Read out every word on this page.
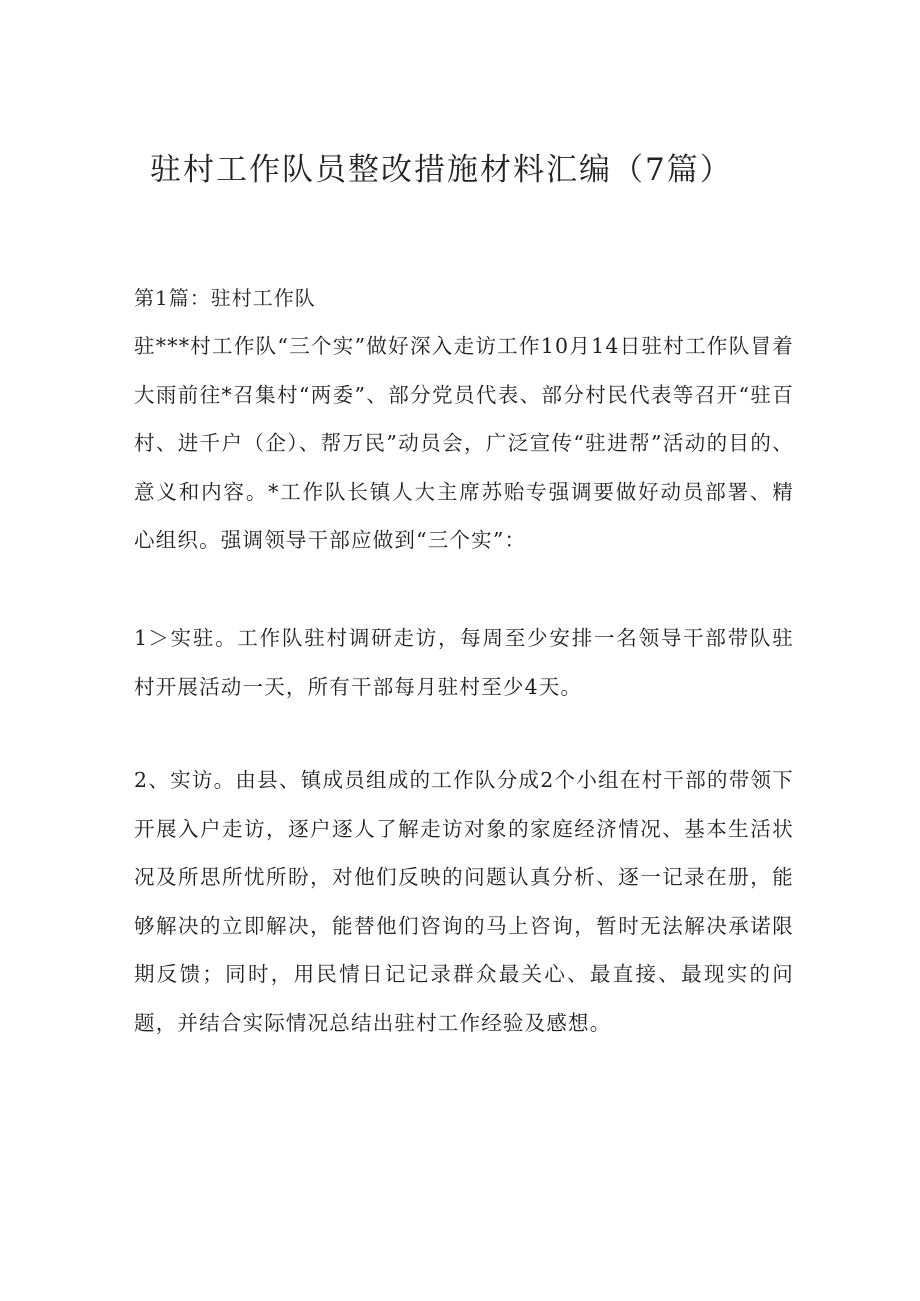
驻村工作队员整改措施材料汇编（7篇）
第1篇：驻村工作队

驻***村工作队“三个实”做好深入走访工作10月14日驻村工作队冒着大雨前往*召集村“两委”、部分党员代表、部分村民代表等召开“驻百村、进千户（企）、帮万民”动员会，广泛宣传“驻进帮”活动的目的、意义和内容。*工作队长镇人大主席苏贻专强调要做好动员部署、精心组织。强调领导干部应做到“三个实”：

1＞实驻。工作队驻村调研走访，每周至少安排一名领导干部带队驻村开展活动一天，所有干部每月驻村至少4天。

2、实访。由县、镇成员组成的工作队分成2个小组在村干部的带领下开展入户走访，逐户逐人了解走访对象的家庭经济情况、基本生活状况及所思所忧所盼，对他们反映的问题认真分析、逐一记录在册，能够解决的立即解决，能替他们咨询的马上咨询，暂时无法解决承诺限期反馈；同时，用民情日记记录群众最关心、最直接、最现实的问题，并结合实际情况总结出驻村工作经验及感想。
